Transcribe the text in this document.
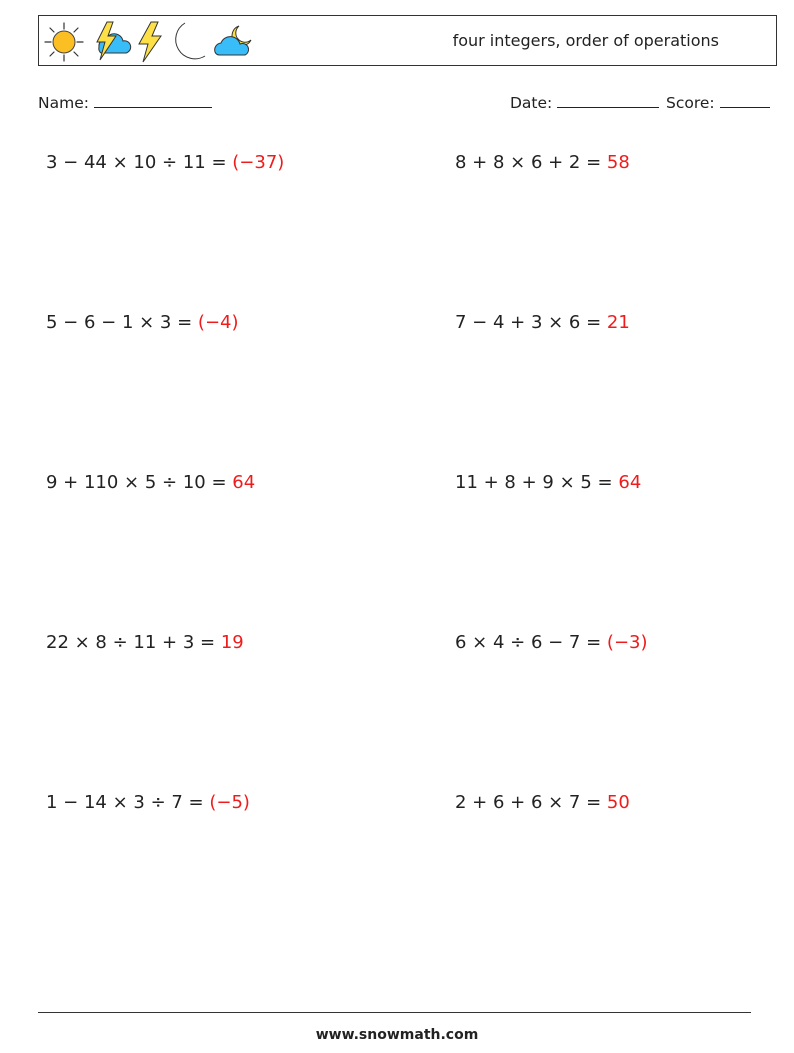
four integers, order of operations
Name:	Date:	Score:
3 − 44 × 10 ÷ 11 = (−37)	8 + 8 × 6 + 2 = 58
5 − 6 − 1 × 3 = (−4)	7 − 4 + 3 × 6 = 21
9 + 110 × 5 ÷ 10 = 64	11 + 8 + 9 × 5 = 64
22 × 8 ÷ 11 + 3 = 19	6 × 4 ÷ 6 − 7 = (−3)
1 − 14 × 3 ÷ 7 = (−5)	2 + 6 + 6 × 7 = 50
www.snowmath.com
